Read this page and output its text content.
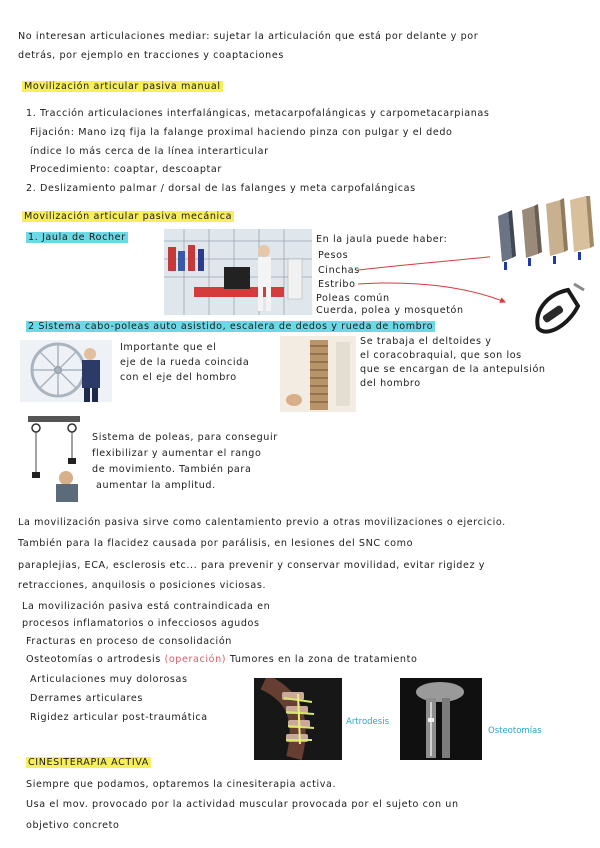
No interesan articulaciones mediar: sujetar la articulación que está por delante y por
detrás, por ejemplo en tracciones y coaptaciones
Movilización articular pasiva manual
1. Tracción articulaciones interfalángicas, metacarpofalángicas y carpometacarpianas
Fijación: Mano izq fija la falange proximal haciendo pinza con pulgar y el dedo
índice lo más cerca de la línea interarticular
Procedimiento: coaptar, descoaptar
2. Deslizamiento palmar / dorsal de las falanges y meta carpofalángicas
Movilización articular pasiva mecánica
1. Jaula de Rocher	En la jaula puede haber:
Pesos
Cinchas
Estribo
Poleas común
Cuerda, polea y mosquetón
2 Sistema cabo-poleas auto asistido, escalera de dedos y rueda de hombro
Importante que el
eje de la rueda coincida
con el eje del hombro
Se trabaja el deltoides y
el coracobraquial, que son los
que se encargan de la antepulsión
del hombro
Sistema de poleas, para conseguir
flexibilizar y aumentar el rango
de movimiento. También para
aumentar la amplitud.
La movilización pasiva sirve como calentamiento previo a otras movilizaciones o ejercicio.
También para la flacidez causada por parálisis, en lesiones del SNC como
paraplejias, ECA, esclerosis etc... para prevenir y conservar movilidad, evitar rigidez y
retracciones, anquilosis o posiciones viciosas.
La movilización pasiva está contraindicada en
procesos inflamatorios o infecciosos agudos
Fracturas en proceso de consolidación
Osteotomías o artrodesis (operación) Tumores en la zona de tratamiento
Articulaciones muy dolorosas
Derrames articulares
Rigidez articular post-traumática	Artrodesis
Osteotomías
CINESITERAPIA ACTIVA
Siempre que podamos, optaremos la cinesiterapia activa.
Usa el mov. provocado por la actividad muscular provocada por el sujeto con un
objetivo concreto
